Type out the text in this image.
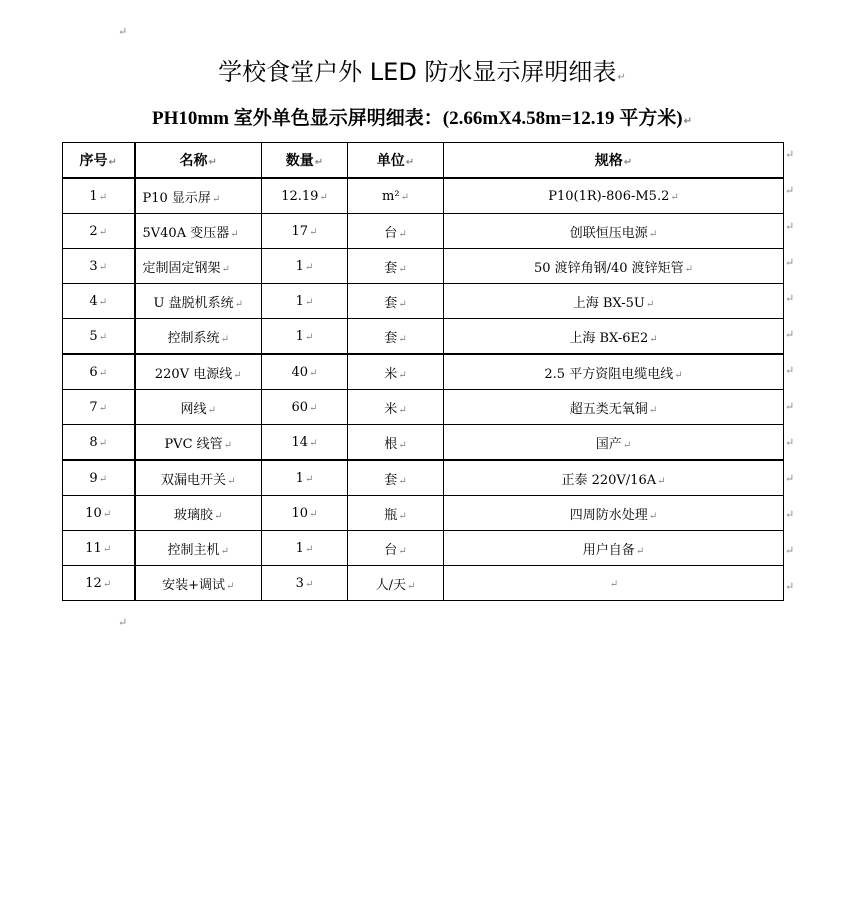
↵
学校食堂户外 LED 防水显示屏明细表↵
PH10mm 室外单色显示屏明细表：(2.66mX4.58m=12.19 平方米)↵
序号↵	名称↵	数量↵	单位↵	规格↵
1↵	P10 显示屏↵	12.19↵	m²↵	P10(1R)-806-M5.2↵
2↵	5V40A 变压器↵	17↵	台↵	创联恒压电源↵
3↵	定制固定钢架↵	1↵	套↵	50 渡锌角钢/40 渡锌矩管↵
4↵	U 盘脱机系统↵	1↵	套↵	上海 BX-5U↵
5↵	控制系统↵	1↵	套↵	上海 BX-6E2↵
6↵	220V 电源线↵	40↵	米↵	2.5 平方资阻电缆电线↵
7↵	网线↵	60↵	米↵	超五类无氧铜↵
8↵	PVC 线管↵	14↵	根↵	国产↵
9↵	双漏电开关↵	1↵	套↵	正泰 220V/16A↵
10↵	玻璃胶↵	10↵	瓶↵	四周防水处理↵
11↵	控制主机↵	1↵	台↵	用户自备↵
12↵	安装+调试↵	3↵	人/天↵	↵
↵
↵
↵
↵
↵
↵
↵
↵
↵
↵
↵
↵
↵
↵
